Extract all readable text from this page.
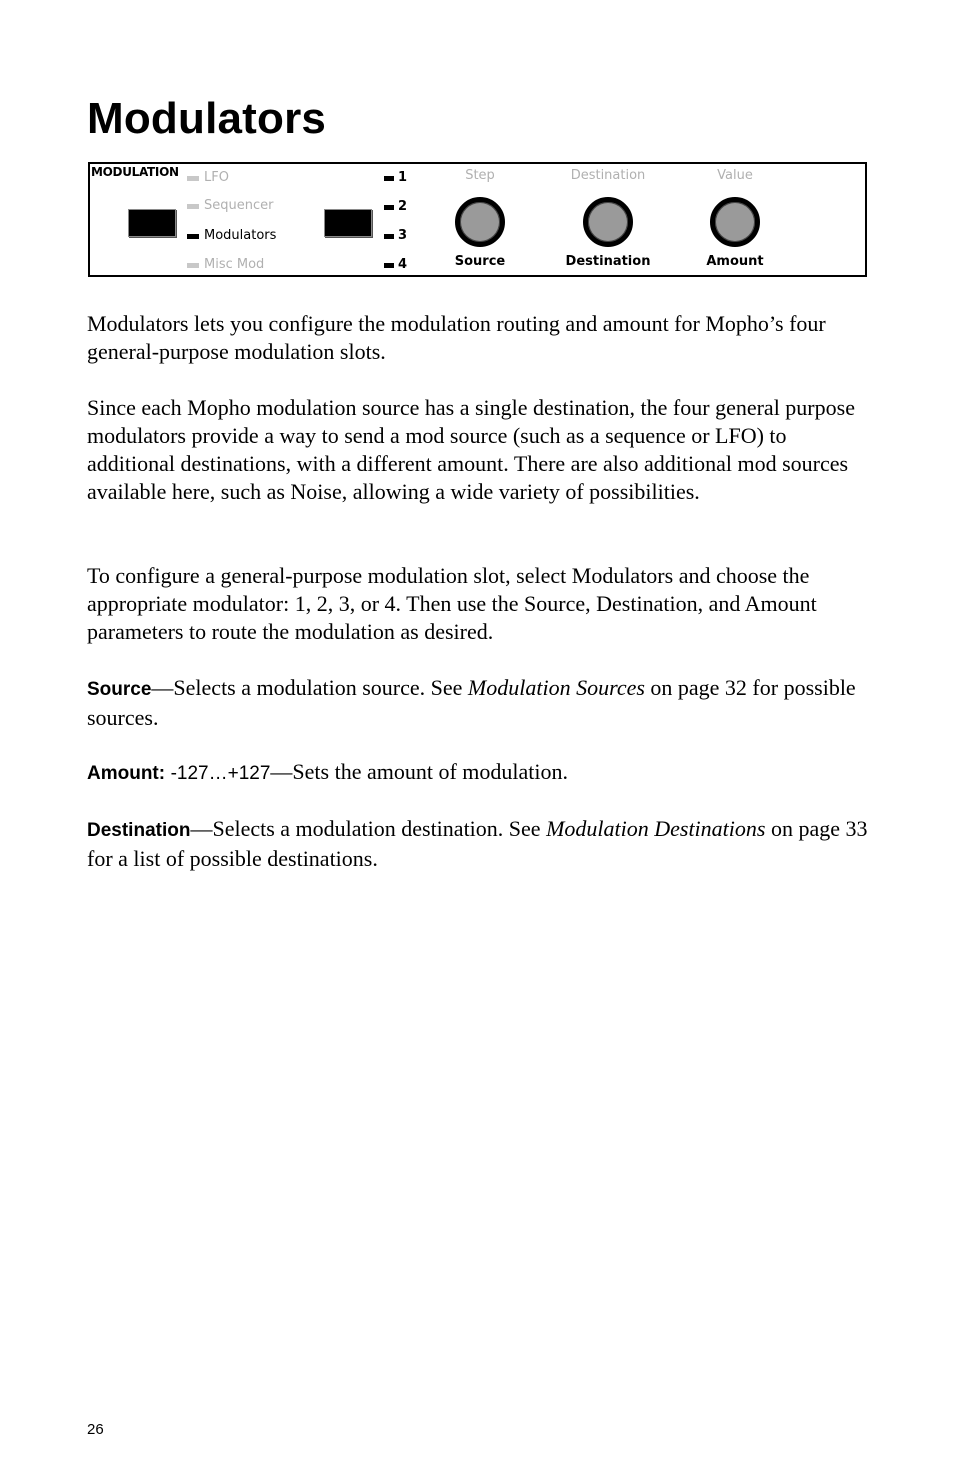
Modulators
MODULATION LFO
Sequencer
Modulators
Misc Mod
1
2
3
4
Step
Source
Destination
Destination
Value
Amount

Modulators lets you configure the modulation routing and amount for Mopho’s four general-purpose modulation slots.

Since each Mopho modulation source has a single destination, the four general purpose modulators provide a way to send a mod source (such as a sequence or LFO) to additional destinations, with a different amount. There are also additional mod sources available here, such as Noise, allowing a wide variety of possibilities.

To configure a general-purpose modulation slot, select Modulators and choose the appropriate modulator: 1, 2, 3, or 4. Then use the Source, Destination, and Amount parameters to route the modulation as desired.

Source—Selects a modulation source. See Modulation Sources on page 32 for possible sources.

Amount: -127…+127—Sets the amount of modulation.

Destination—Selects a modulation destination. See Modulation Destinations on page 33 for a list of possible destinations.

26
